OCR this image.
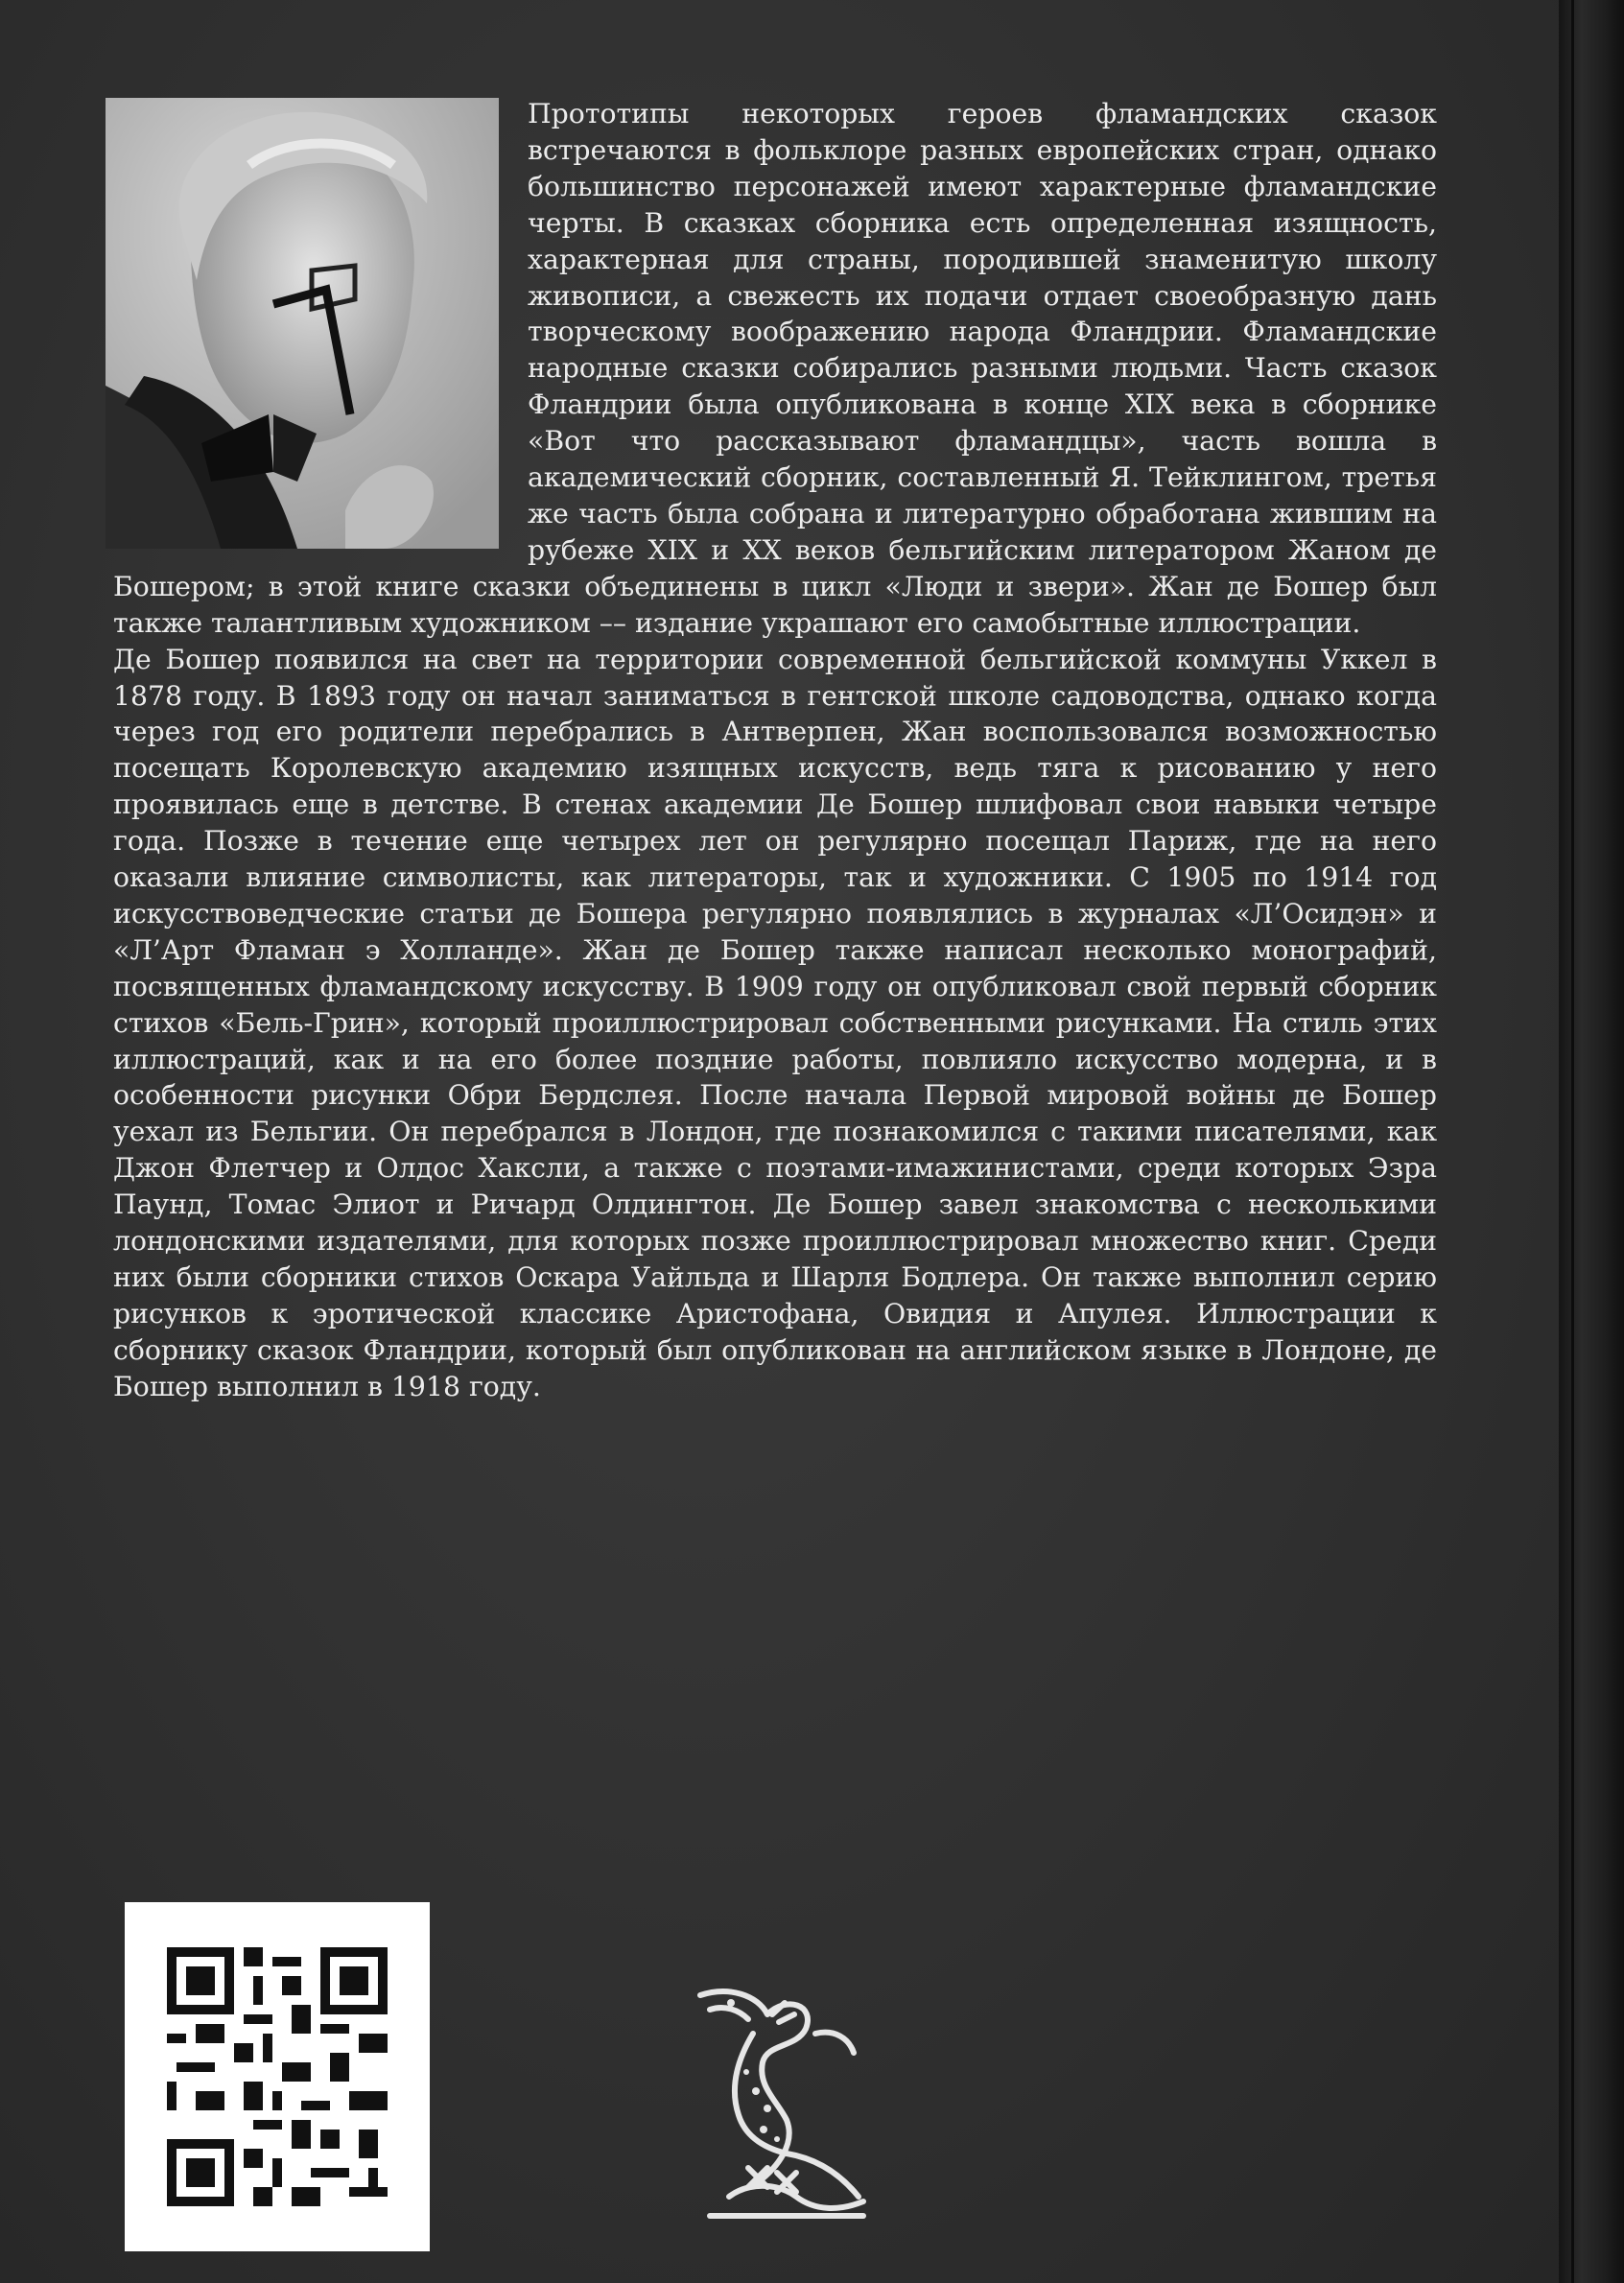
Прототипы некоторых героев фламандских сказок встречаются в фольклоре разных европейских стран, однако большинство персонажей имеют характерные фламандские черты. В сказках сборника есть определенная изящность, характерная для страны, породившей знаменитую школу живописи, а свежесть их подачи отдает своеобразную дань творческому воображению народа Фландрии. Фламандские народные сказки собирались разными людьми. Часть сказок Фландрии была опубликована в конце XIX века в сборнике «Вот что рассказывают фламандцы», часть вошла в академический сборник, составленный Я. Тейклингом, третья же часть была собрана и литературно обработана жившим на рубеже XIX и XX веков бельгийским литератором Жаном де Бошером; в этой книге сказки объединены в цикл «Люди и звери». Жан де Бошер был также талантливым художником –– издание украшают его самобытные иллюстрации.

Де Бошер появился на свет на территории современной бельгийской коммуны Уккел в 1878 году. В 1893 году он начал заниматься в гентской школе садоводства, однако когда через год его родители перебрались в Антверпен, Жан воспользовался возможностью посещать Королевскую академию изящных искусств, ведь тяга к рисованию у него проявилась еще в детстве. В стенах академии Де Бошер шлифовал свои навыки четыре года. Позже в течение еще четырех лет он регулярно посещал Париж, где на него оказали влияние символисты, как литераторы, так и художники. С 1905 по 1914 год искусствоведческие статьи де Бошера регулярно появлялись в журналах «Л’Осидэн» и «Л’Арт Фламан э Холланде». Жан де Бошер также написал несколько монографий, посвященных фламандскому искусству. В 1909 году он опубликовал свой первый сборник стихов «Бель-Грин», который проиллюстрировал собственными рисунками. На стиль этих иллюстраций, как и на его более поздние работы, повлияло искусство модерна, и в особенности рисунки Обри Бердслея. После начала Первой мировой войны де Бошер уехал из Бельгии. Он перебрался в Лондон, где познакомился с такими писателями, как Джон Флетчер и Олдос Хаксли, а также с поэтами-имажинистами, среди которых Эзра Паунд, Томас Элиот и Ричард Олдингтон. Де Бошер завел знакомства с несколькими лондонскими издателями, для которых позже проиллюстрировал множество книг. Среди них были сборники стихов Оскара Уайльда и Шарля Бодлера. Он также выполнил серию рисунков к эротической классике Аристофана, Овидия и Апулея. Иллюстрации к сборнику сказок Фландрии, который был опубликован на английском языке в Лондоне, де Бошер выполнил в 1918 году.
